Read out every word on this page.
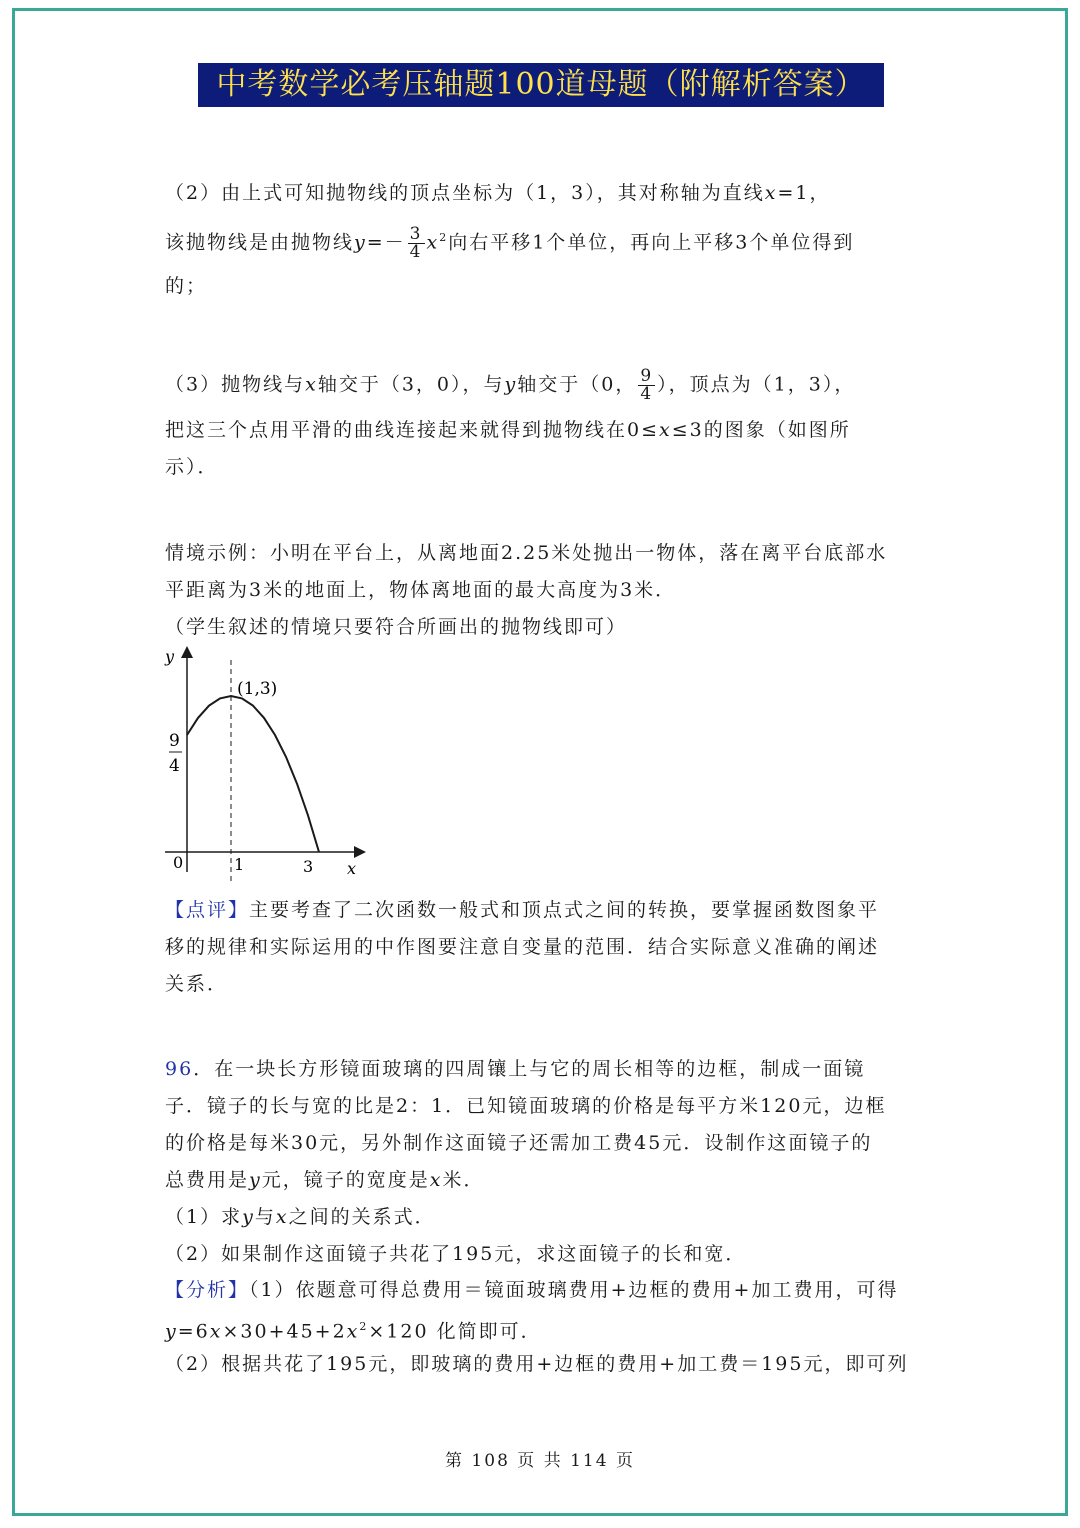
中考数学必考压轴题100道母题（附解析答案）
（2）由上式可知抛物线的顶点坐标为（1，3），其对称轴为直线x=1，
该抛物线是由抛物线$y=- \frac{3}{4} x^2$向右平移1个单位，再向上平移3个单位得到
的；
（3）抛物线与x轴交于（3，0），与y轴交于（0， $\frac{9}{4}$ ），顶点为（1，3），
把这三个点用平滑的曲线连接起来就得到抛物线在0≤x≤3的图象（如图所
示）．
情境示例：小明在平台上，从离地面2.25米处抛出一物体，落在离平台底部水
平距离为3米的地面上，物体离地面的最大高度为3米．
（学生叙述的情境只要符合所画出的抛物线即可）
y
x
0	1	3
9
4
(1,3)
【点评】主要考查了二次函数一般式和顶点式之间的转换，要掌握函数图象平
移的规律和实际运用的中作图要注意自变量的范围．结合实际意义准确的阐述
关系．
96．在一块长方形镜面玻璃的四周镶上与它的周长相等的边框，制成一面镜
子．镜子的长与宽的比是2：1．已知镜面玻璃的价格是每平方米120元，边框
的价格是每米30元，另外制作这面镜子还需加工费45元．设制作这面镜子的
总费用是y元，镜子的宽度是x米．
（1）求y与x之间的关系式．
（2）如果制作这面镜子共花了195元，求这面镜子的长和宽．
【分析】（1）依题意可得总费用＝镜面玻璃费用+边框的费用+加工费用，可得
$y=6x\times 30+45+2x^2\times 120$ 化简即可．
（2）根据共花了195元，即玻璃的费用+边框的费用+加工费＝195元，即可列
第 108 页 共 114 页
